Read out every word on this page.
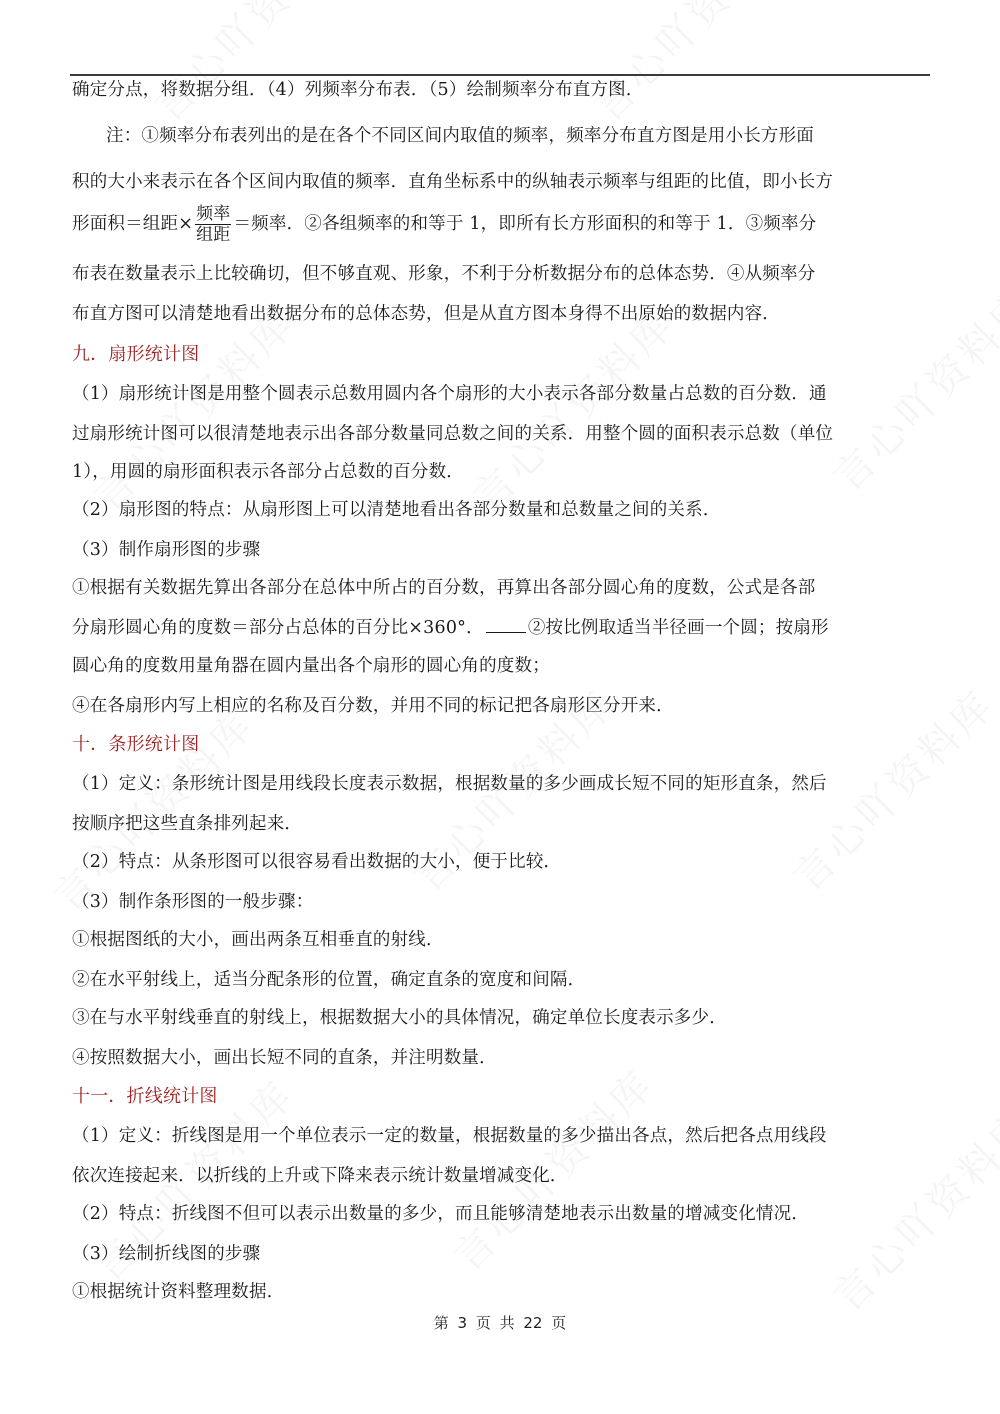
确定分点，将数据分组．（4）列频率分布表．（5）绘制频率分布直方图．
注：①频率分布表列出的是在各个不同区间内取值的频率，频率分布直方图是用小长方形面
积的大小来表示在各个区间内取值的频率．直角坐标系中的纵轴表示频率与组距的比值，即小长方
形面积＝组距× $\frac{\text{频率}}{\text{组距}}$ ＝频率．②各组频率的和等于 1，即所有长方形面积的和等于 1．③频率分
布表在数量表示上比较确切，但不够直观、形象，不利于分析数据分布的总体态势．④从频率分
布直方图可以清楚地看出数据分布的总体态势，但是从直方图本身得不出原始的数据内容．
九．扇形统计图
（1）扇形统计图是用整个圆表示总数用圆内各个扇形的大小表示各部分数量占总数的百分数．通
过扇形统计图可以很清楚地表示出各部分数量同总数之间的关系．用整个圆的面积表示总数（单位
1），用圆的扇形面积表示各部分占总数的百分数．
（2）扇形图的特点：从扇形图上可以清楚地看出各部分数量和总数量之间的关系．
（3）制作扇形图的步骤
①根据有关数据先算出各部分在总体中所占的百分数，再算出各部分圆心角的度数，公式是各部
分扇形圆心角的度数＝部分占总体的百分比×360°．	②按比例取适当半径画一个圆；按扇形
圆心角的度数用量角器在圆内量出各个扇形的圆心角的度数；
④在各扇形内写上相应的名称及百分数，并用不同的标记把各扇形区分开来．
十．条形统计图
（1）定义：条形统计图是用线段长度表示数据，根据数量的多少画成长短不同的矩形直条，然后
按顺序把这些直条排列起来．
（2）特点：从条形图可以很容易看出数据的大小，便于比较．
（3）制作条形图的一般步骤：
①根据图纸的大小，画出两条互相垂直的射线．
②在水平射线上，适当分配条形的位置，确定直条的宽度和间隔．
③在与水平射线垂直的射线上，根据数据大小的具体情况，确定单位长度表示多少．
④按照数据大小，画出长短不同的直条，并注明数量．
十一．折线统计图
（1）定义：折线图是用一个单位表示一定的数量，根据数量的多少描出各点，然后把各点用线段
依次连接起来．以折线的上升或下降来表示统计数量增减变化．
（2）特点：折线图不但可以表示出数量的多少，而且能够清楚地表示出数量的增减变化情况．
（3）绘制折线图的步骤
①根据统计资料整理数据．
第 3 页 共 22 页
